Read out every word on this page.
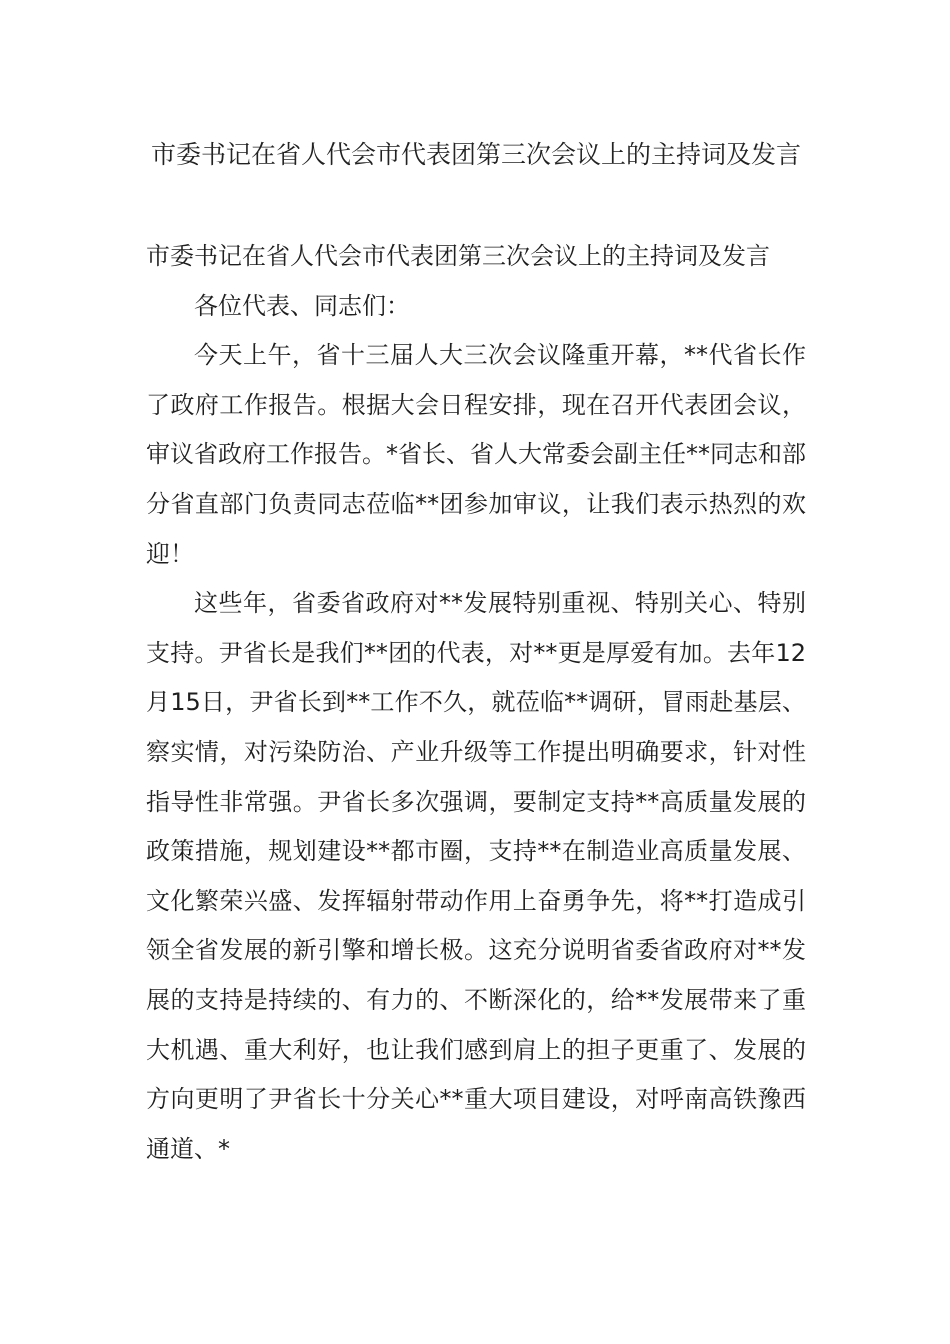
市委书记在省人代会市代表团第三次会议上的主持词及发言

市委书记在省人代会市代表团第三次会议上的主持词及发言

各位代表、同志们：

今天上午，省十三届人大三次会议隆重开幕，**代省长作了政府工作报告。根据大会日程安排，现在召开代表团会议，审议省政府工作报告。*省长、省人大常委会副主任**同志和部分省直部门负责同志莅临**团参加审议，让我们表示热烈的欢迎！

这些年，省委省政府对**发展特别重视、特别关心、特别支持。尹省长是我们**团的代表，对**更是厚爱有加。去年12月15日，尹省长到**工作不久，就莅临**调研，冒雨赴基层、察实情，对污染防治、产业升级等工作提出明确要求，针对性指导性非常强。尹省长多次强调，要制定支持**高质量发展的政策措施，规划建设**都市圈，支持**在制造业高质量发展、文化繁荣兴盛、发挥辐射带动作用上奋勇争先，将**打造成引领全省发展的新引擎和增长极。这充分说明省委省政府对**发展的支持是持续的、有力的、不断深化的，给**发展带来了重大机遇、重大利好，也让我们感到肩上的担子更重了、发展的方向更明了尹省长十分关心**重大项目建设，对呼南高铁豫西通道、*
